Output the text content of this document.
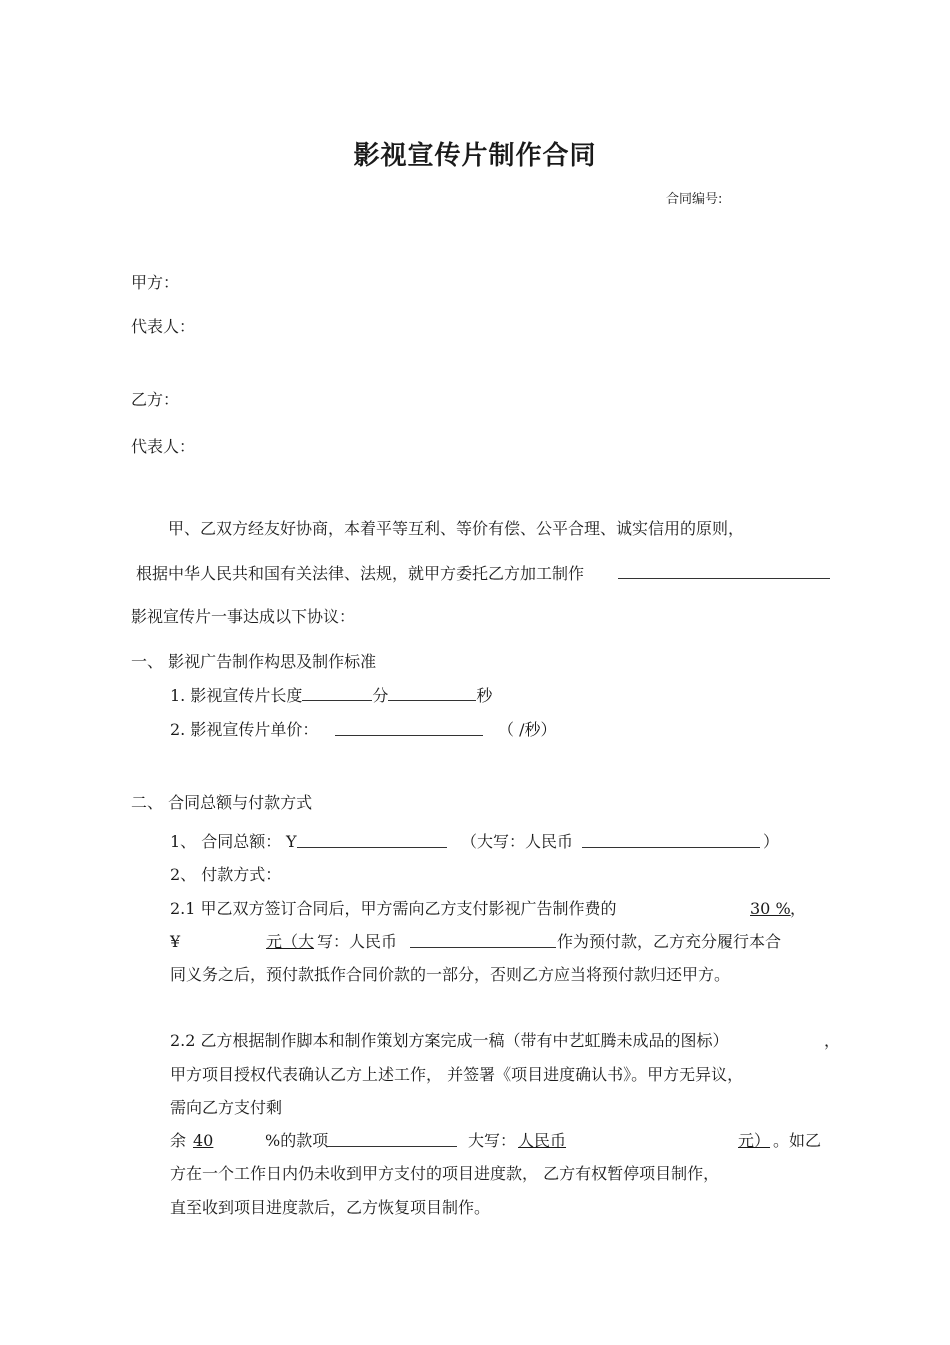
影视宣传片制作合同
合同编号:
甲方：
代表人：
乙方：
代表人：
甲、乙双方经友好协商，本着平等互利、等价有偿、公平合理、诚实信用的原则，
根据中华人民共和国有关法律、法规，就甲方委托乙方加工制作
影视宣传片一事达成以下协议：
一、 影视广告制作构思及制作标准
1. 影视宣传片长度	分	秒
2. 影视宣传片单价：	（ /秒）
二、 合同总额与付款方式
1、 合同总额： Y	（大写：人民币	）
2、 付款方式：
2.1 甲乙双方签订合同后，甲方需向乙方支付影视广告制作费的	30 % ，
¥	元（大 写：人民币	作为预付款，乙方充分履行本合
同义务之后，预付款抵作合同价款的一部分，否则乙方应当将预付款归还甲方。
2.2 乙方根据制作脚本和制作策划方案完成一稿（带有中艺虹腾未成品的图标）	，
甲方项目授权代表确认乙方上述工作， 并签署《项目进度确认书》。甲方无异议，
需向乙方支付剩
余 40	%的款项	大写： 人民币	元） 。如乙
方在一个工作日内仍未收到甲方支付的项目进度款， 乙方有权暂停项目制作，
直至收到项目进度款后，乙方恢复项目制作。
